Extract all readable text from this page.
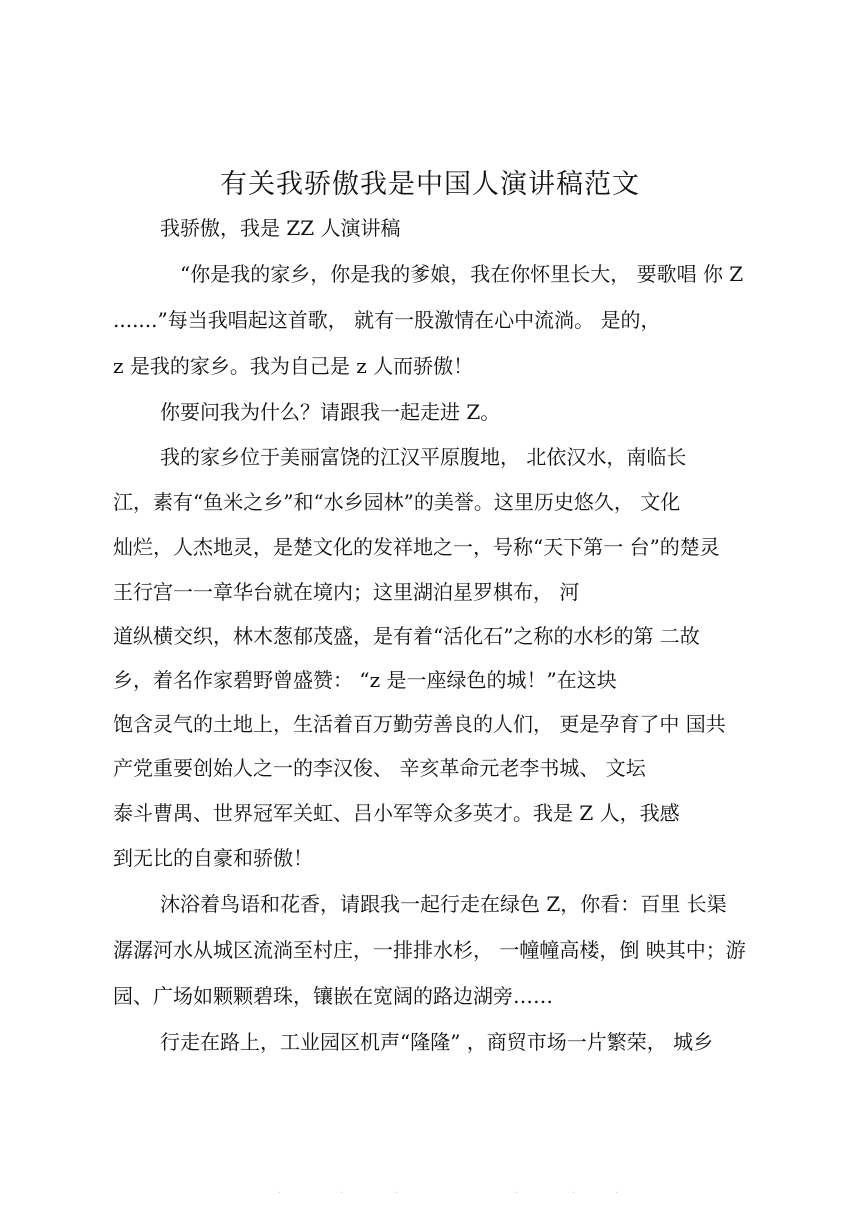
有关我骄傲我是中国人演讲稿范文
我骄傲，我是 ZZ 人演讲稿
“你是我的家乡，你是我的爹娘，我在你怀里长大， 要歌唱 你 Z
.......”每当我唱起这首歌， 就有一股激情在心中流淌。 是的，
z 是我的家乡。我为自己是 z 人而骄傲！
你要问我为什么？请跟我一起走进 Z。
我的家乡位于美丽富饶的江汉平原腹地， 北依汉水，南临长
江，素有“鱼米之乡”和“水乡园林”的美誉。这里历史悠久， 文化
灿烂，人杰地灵，是楚文化的发祥地之一，号称“天下第一 台”的楚灵
王行宫一一章华台就在境内；这里湖泊星罗棋布， 河
道纵横交织，林木葱郁茂盛，是有着“活化石”之称的水杉的第 二故
乡，着名作家碧野曾盛赞： “z 是一座绿色的城！”在这块
饱含灵气的土地上，生活着百万勤劳善良的人们， 更是孕育了中 国共
产党重要创始人之一的李汉俊、 辛亥革命元老李书城、 文坛
泰斗曹禺、世界冠军关虹、吕小军等众多英才。我是 Z 人，我感
到无比的自豪和骄傲！
沐浴着鸟语和花香，请跟我一起行走在绿色 Z，你看：百里 长渠
潺潺河水从城区流淌至村庄，一排排水杉， 一幢幢高楼，倒 映其中；游
园、广场如颗颗碧珠，镶嵌在宽阔的路边湖旁……
行走在路上，工业园区机声“隆隆” ，商贸市场一片繁荣， 城乡
·	·	·	·	·	·
